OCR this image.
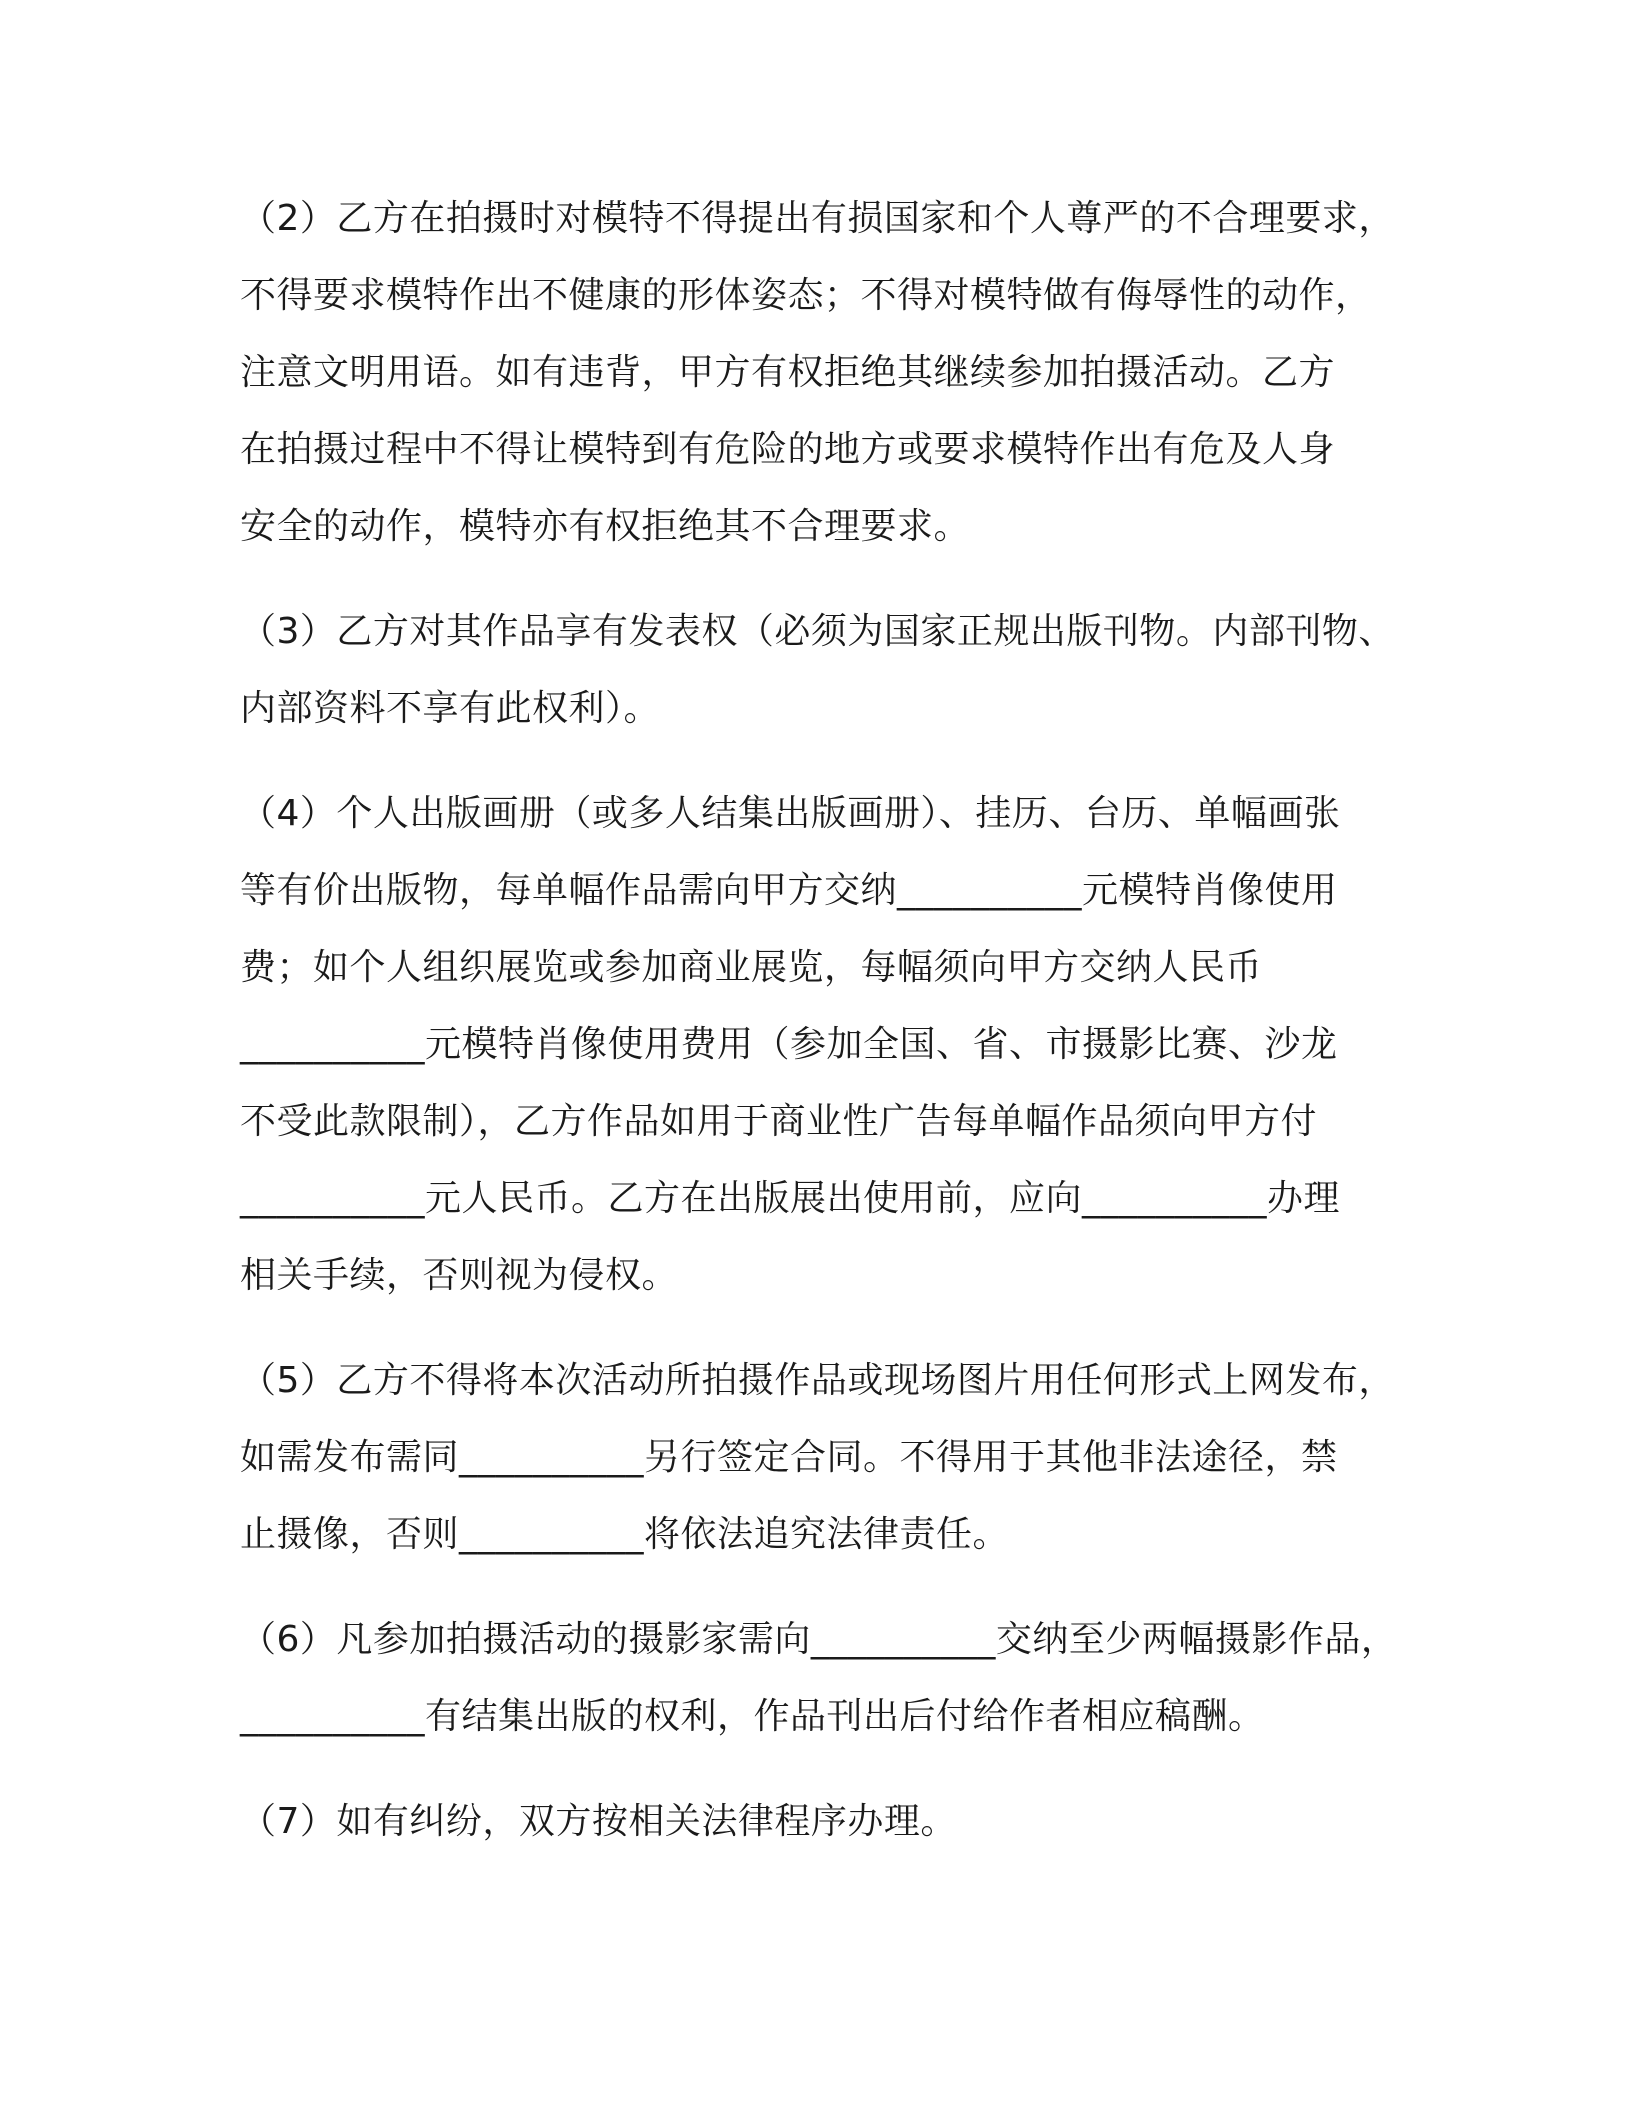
（2）乙方在拍摄时对模特不得提出有损国家和个人尊严的不合理要求，
不得要求模特作出不健康的形体姿态；不得对模特做有侮辱性的动作，
注意文明用语。如有违背，甲方有权拒绝其继续参加拍摄活动。乙方
在拍摄过程中不得让模特到有危险的地方或要求模特作出有危及人身
安全的动作，模特亦有权拒绝其不合理要求。
（3）乙方对其作品享有发表权（必须为国家正规出版刊物。内部刊物、
内部资料不享有此权利）。
（4）个人出版画册（或多人结集出版画册）、挂历、台历、单幅画张
等有价出版物，每单幅作品需向甲方交纳__________元模特肖像使用
费；如个人组织展览或参加商业展览，每幅须向甲方交纳人民币
__________元模特肖像使用费用（参加全国、省、市摄影比赛、沙龙
不受此款限制），乙方作品如用于商业性广告每单幅作品须向甲方付
__________元人民币。乙方在出版展出使用前，应向__________办理
相关手续，否则视为侵权。
（5）乙方不得将本次活动所拍摄作品或现场图片用任何形式上网发布，
如需发布需同__________另行签定合同。不得用于其他非法途径，禁
止摄像，否则__________将依法追究法律责任。
（6）凡参加拍摄活动的摄影家需向__________交纳至少两幅摄影作品，
__________有结集出版的权利，作品刊出后付给作者相应稿酬。
（7）如有纠纷，双方按相关法律程序办理。
